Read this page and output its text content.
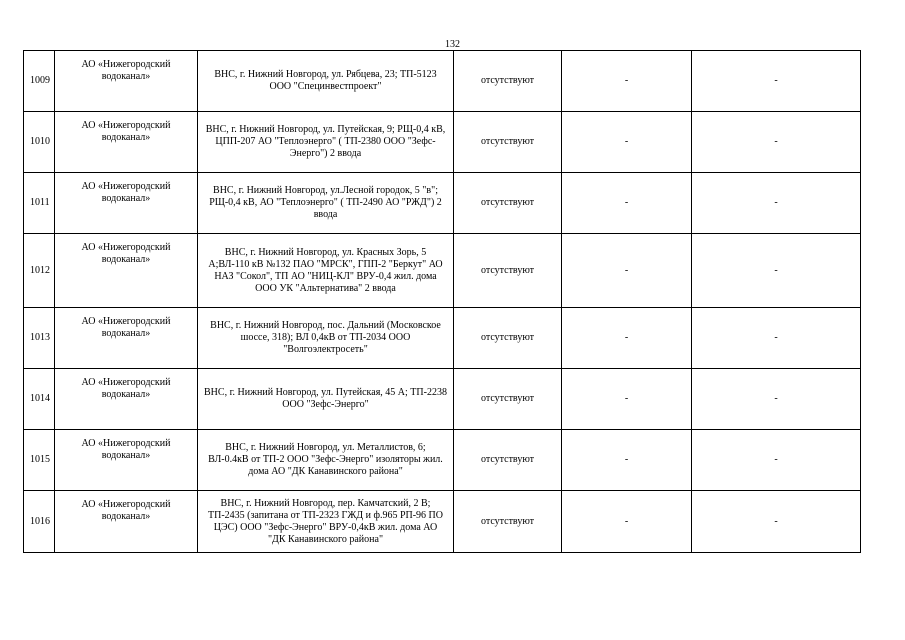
132
1009	АО «Нижегородский водоканал»	ВНС, г. Нижний Новгород, ул. Рябцева, 23; ТП-5123 ООО "Специнвестпроект"	отсутствуют	-	-
1010	АО «Нижегородский водоканал»	ВНС, г. Нижний Новгород, ул. Путейская, 9; РЩ-0,4 кВ, ЦПП-207 АО "Теплоэнерго" ( ТП-2380 ООО "Зефс-Энерго") 2 ввода	отсутствуют	-	-
1011	АО «Нижегородский водоканал»	ВНС, г. Нижний Новгород, ул.Лесной городок, 5 "в"; РЩ-0,4 кВ, АО "Теплоэнерго" ( ТП-2490 АО "РЖД") 2 ввода	отсутствуют	-	-
1012	АО «Нижегородский водоканал»	ВНС, г. Нижний Новгород, ул. Красных Зорь, 5 А;ВЛ-110 кВ №132 ПАО "МРСК", ГПП-2 "Беркут" АО НАЗ "Сокол", ТП АО "НИЦ-КЛ" ВРУ-0,4 жил. дома ООО УК "Альтернатива" 2 ввода	отсутствуют	-	-
1013	АО «Нижегородский водоканал»	ВНС, г. Нижний Новгород, пос. Дальний (Московское шоссе, 318); ВЛ 0,4кВ от ТП-2034 ООО "Волгоэлектросеть"	отсутствуют	-	-
1014	АО «Нижегородский водоканал»	ВНС, г. Нижний Новгород, ул. Путейская, 45 А; ТП-2238 ООО "Зефс-Энерго"	отсутствуют	-	-
1015	АО «Нижегородский водоканал»	ВНС, г. Нижний Новгород, ул. Металлистов, 6; ВЛ-0.4кВ от ТП-2 ООО "Зефс-Энерго" изоляторы жил. дома АО "ДК Канавинского района"	отсутствуют	-	-
1016	АО «Нижегородский водоканал»	ВНС, г. Нижний Новгород, пер. Камчатский, 2 В; ТП-2435 (запитана от ТП-2323 ГЖД и ф.965 РП-96 ПО ЦЭС) ООО "Зефс-Энерго" ВРУ-0,4кВ жил. дома АО "ДК Канавинского района"	отсутствуют	-	-
